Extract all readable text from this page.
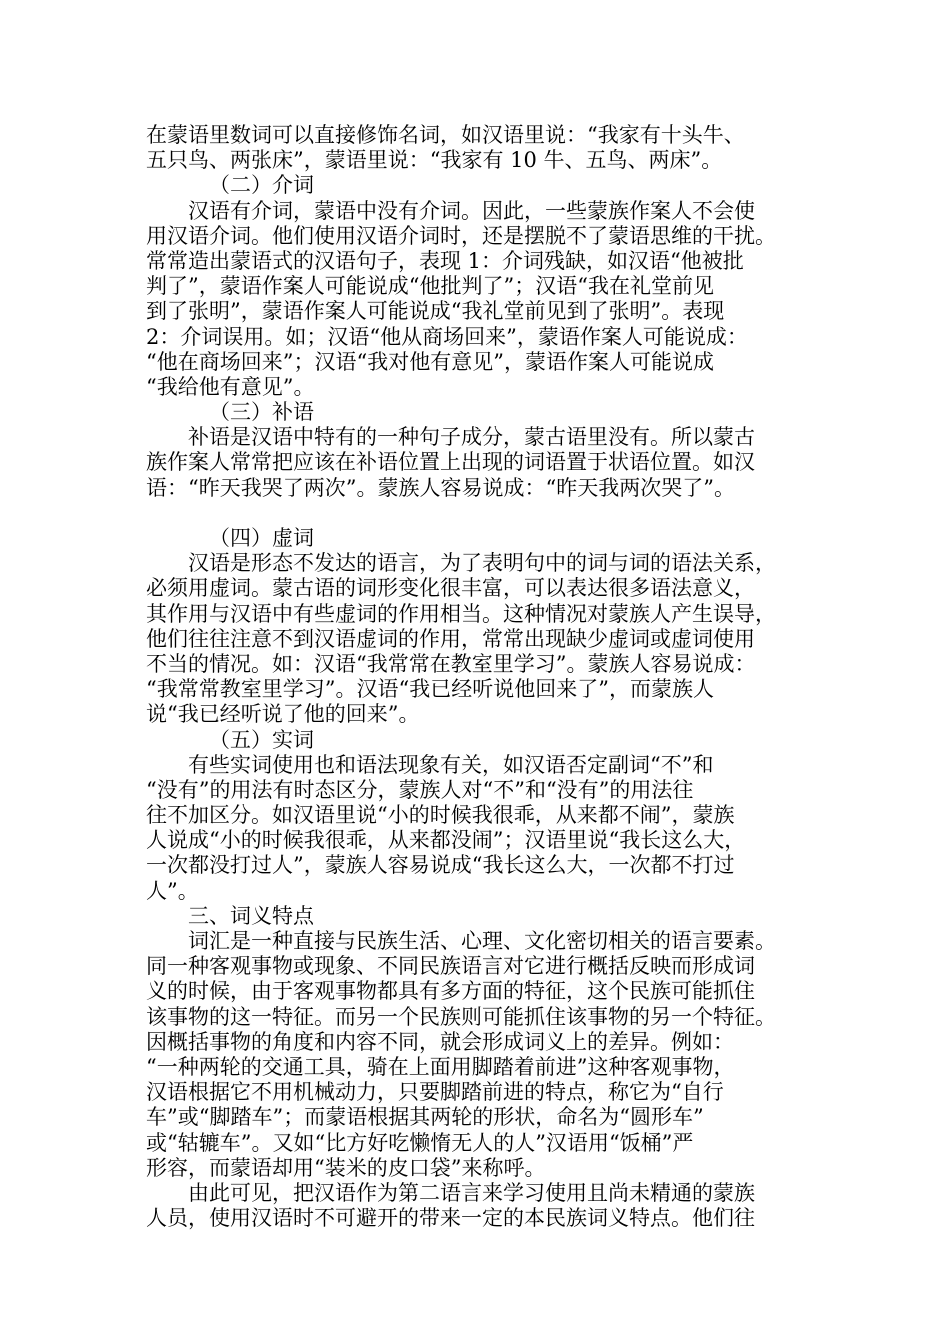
在蒙语里数词可以直接修饰名词，如汉语里说：“我家有十头牛、
五只鸟、两张床”，蒙语里说：“我家有 10 牛、五鸟、两床”。
（二）介词
汉语有介词，蒙语中没有介词。因此，一些蒙族作案人不会使
用汉语介词。他们使用汉语介词时，还是摆脱不了蒙语思维的干扰。
常常造出蒙语式的汉语句子，表现 1：介词残缺，如汉语“他被批
判了”，蒙语作案人可能说成“他批判了”；汉语“我在礼堂前见
到了张明”，蒙语作案人可能说成“我礼堂前见到了张明”。表现
2：介词误用。如；汉语“他从商场回来”，蒙语作案人可能说成：
“他在商场回来”；汉语“我对他有意见”，蒙语作案人可能说成
“我给他有意见”。
（三）补语
补语是汉语中特有的一种句子成分，蒙古语里没有。所以蒙古
族作案人常常把应该在补语位置上出现的词语置于状语位置。如汉
语：“昨天我哭了两次”。蒙族人容易说成：“昨天我两次哭了”。
（四）虚词
汉语是形态不发达的语言，为了表明句中的词与词的语法关系，
必须用虚词。蒙古语的词形变化很丰富，可以表达很多语法意义，
其作用与汉语中有些虚词的作用相当。这种情况对蒙族人产生误导，
他们往往注意不到汉语虚词的作用，常常出现缺少虚词或虚词使用
不当的情况。如：汉语“我常常在教室里学习”。蒙族人容易说成：
“我常常教室里学习”。汉语“我已经听说他回来了”，而蒙族人
说“我已经听说了他的回来”。
（五）实词
有些实词使用也和语法现象有关，如汉语否定副词“不”和
“没有”的用法有时态区分，蒙族人对“不”和“没有”的用法往
往不加区分。如汉语里说“小的时候我很乖，从来都不闹”，蒙族
人说成“小的时候我很乖，从来都没闹”；汉语里说“我长这么大，
一次都没打过人”，蒙族人容易说成“我长这么大，一次都不打过
人”。
三、词义特点
词汇是一种直接与民族生活、心理、文化密切相关的语言要素。
同一种客观事物或现象、不同民族语言对它进行概括反映而形成词
义的时候，由于客观事物都具有多方面的特征，这个民族可能抓住
该事物的这一特征。而另一个民族则可能抓住该事物的另一个特征。
因概括事物的角度和内容不同，就会形成词义上的差异。例如：
“一种两轮的交通工具，骑在上面用脚踏着前进”这种客观事物，
汉语根据它不用机械动力，只要脚踏前进的特点，称它为“自行
车”或“脚踏车”；而蒙语根据其两轮的形状，命名为“圆形车”
或“轱辘车”。又如“比方好吃懒惰无人的人”汉语用“饭桶”严
形容，而蒙语却用“装米的皮口袋”来称呼。
由此可见，把汉语作为第二语言来学习使用且尚未精通的蒙族
人员，使用汉语时不可避开的带来一定的本民族词义特点。他们往
